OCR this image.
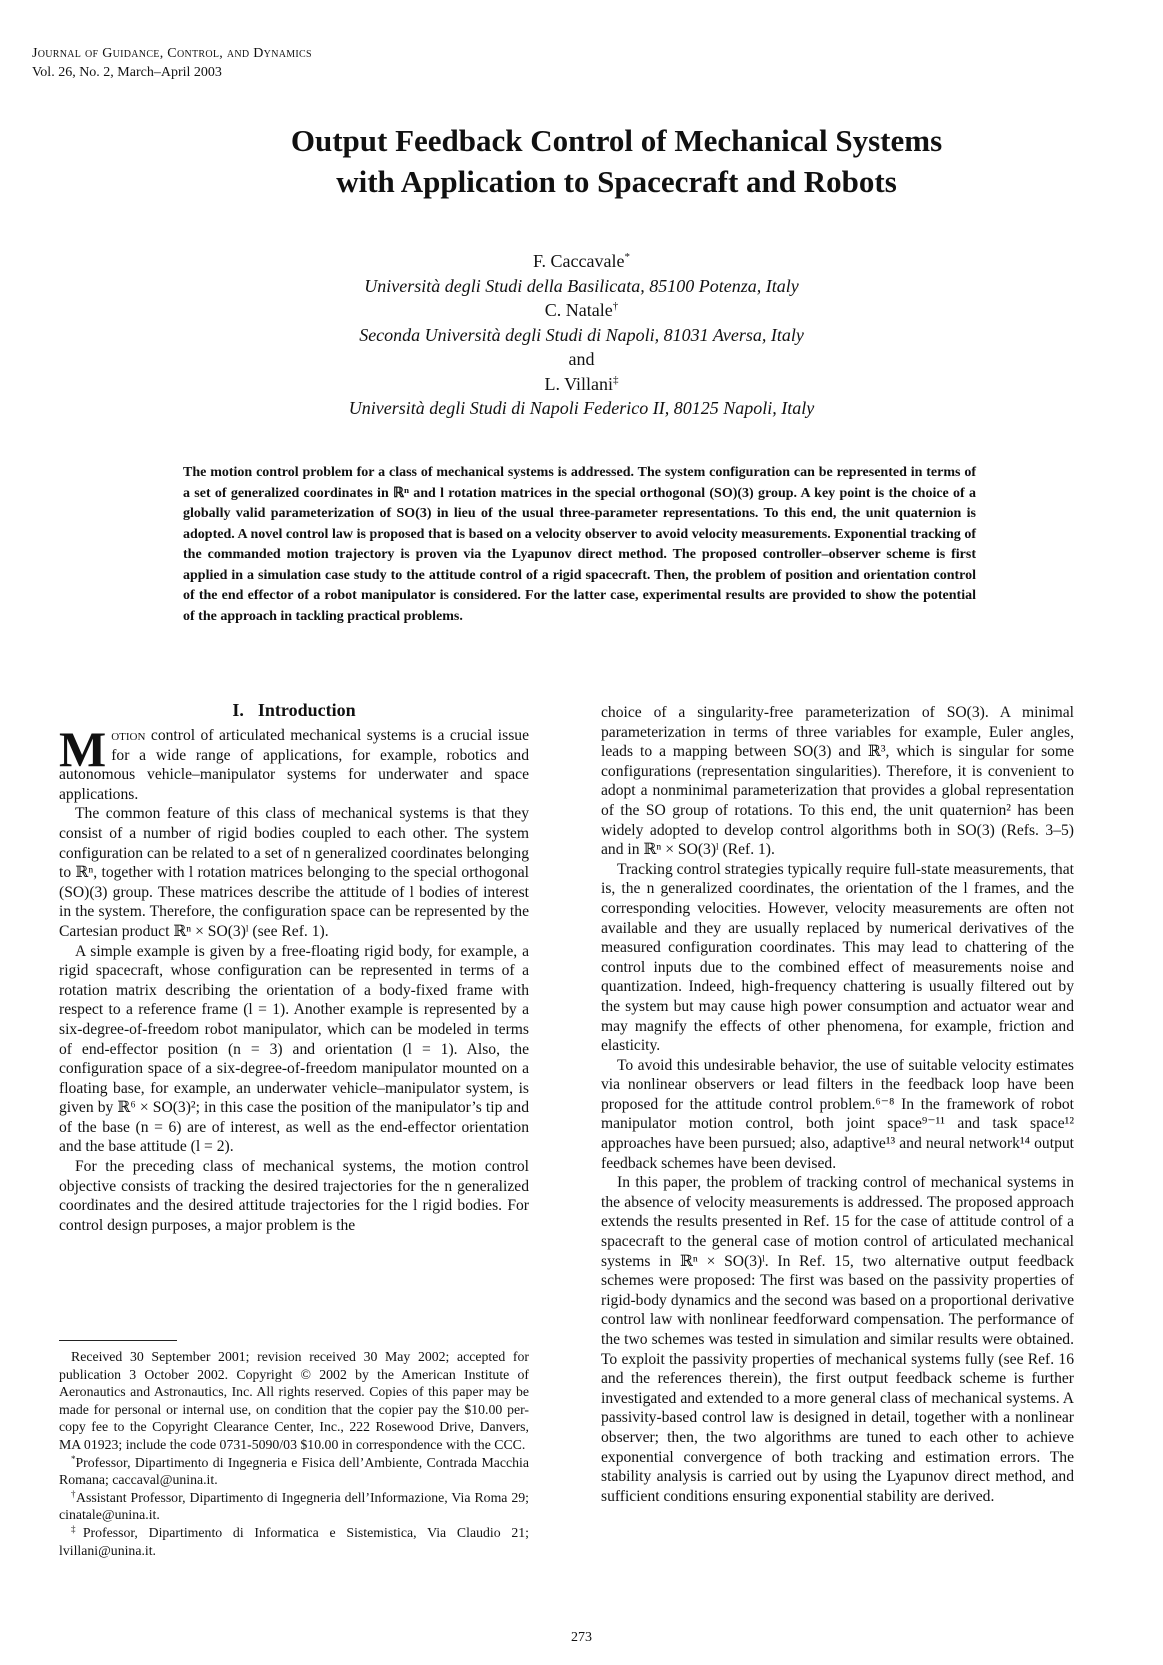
Journal of Guidance, Control, and Dynamics
Vol. 26, No. 2, March–April 2003
Output Feedback Control of Mechanical Systems
with Application to Spacecraft and Robots
F. Caccavale*
Università degli Studi della Basilicata, 85100 Potenza, Italy
C. Natale†
Seconda Università degli Studi di Napoli, 81031 Aversa, Italy
and
L. Villani‡
Università degli Studi di Napoli Federico II, 80125 Napoli, Italy
The motion control problem for a class of mechanical systems is addressed. The system configuration can be represented in terms of a set of generalized coordinates in ℝⁿ and l rotation matrices in the special orthogonal (SO)(3) group. A key point is the choice of a globally valid parameterization of SO(3) in lieu of the usual three-parameter representations. To this end, the unit quaternion is adopted. A novel control law is proposed that is based on a velocity observer to avoid velocity measurements. Exponential tracking of the commanded motion trajectory is proven via the Lyapunov direct method. The proposed controller–observer scheme is first applied in a simulation case study to the attitude control of a rigid spacecraft. Then, the problem of position and orientation control of the end effector of a robot manipulator is considered. For the latter case, experimental results are provided to show the potential of the approach in tackling practical problems.
I. Introduction

Motion control of articulated mechanical systems is a crucial issue for a wide range of applications, for example, robotics and autonomous vehicle–manipulator systems for underwater and space applications.

The common feature of this class of mechanical systems is that they consist of a number of rigid bodies coupled to each other. The system configuration can be related to a set of n generalized coordinates belonging to ℝⁿ, together with l rotation matrices belonging to the special orthogonal (SO)(3) group. These matrices describe the attitude of l bodies of interest in the system. Therefore, the configuration space can be represented by the Cartesian product ℝⁿ × SO(3)ˡ (see Ref. 1).

A simple example is given by a free-floating rigid body, for example, a rigid spacecraft, whose configuration can be represented in terms of a rotation matrix describing the orientation of a body-fixed frame with respect to a reference frame (l = 1). Another example is represented by a six-degree-of-freedom robot manipulator, which can be modeled in terms of end-effector position (n = 3) and orientation (l = 1). Also, the configuration space of a six-degree-of-freedom manipulator mounted on a floating base, for example, an underwater vehicle–manipulator system, is given by ℝ⁶ × SO(3)²; in this case the position of the manipulator’s tip and of the base (n = 6) are of interest, as well as the end-effector orientation and the base attitude (l = 2).

For the preceding class of mechanical systems, the motion control objective consists of tracking the desired trajectories for the n generalized coordinates and the desired attitude trajectories for the l rigid bodies. For control design purposes, a major problem is the

choice of a singularity-free parameterization of SO(3). A minimal parameterization in terms of three variables for example, Euler angles, leads to a mapping between SO(3) and ℝ³, which is singular for some configurations (representation singularities). Therefore, it is convenient to adopt a nonminimal parameterization that provides a global representation of the SO group of rotations. To this end, the unit quaternion² has been widely adopted to develop control algorithms both in SO(3) (Refs. 3–5) and in ℝⁿ × SO(3)ˡ (Ref. 1).

Tracking control strategies typically require full-state measurements, that is, the n generalized coordinates, the orientation of the l frames, and the corresponding velocities. However, velocity measurements are often not available and they are usually replaced by numerical derivatives of the measured configuration coordinates. This may lead to chattering of the control inputs due to the combined effect of measurements noise and quantization. Indeed, high-frequency chattering is usually filtered out by the system but may cause high power consumption and actuator wear and may magnify the effects of other phenomena, for example, friction and elasticity.

To avoid this undesirable behavior, the use of suitable velocity estimates via nonlinear observers or lead filters in the feedback loop have been proposed for the attitude control problem.⁶⁻⁸ In the framework of robot manipulator motion control, both joint space⁹⁻¹¹ and task space¹² approaches have been pursued; also, adaptive¹³ and neural network¹⁴ output feedback schemes have been devised.

In this paper, the problem of tracking control of mechanical systems in the absence of velocity measurements is addressed. The proposed approach extends the results presented in Ref. 15 for the case of attitude control of a spacecraft to the general case of motion control of articulated mechanical systems in ℝⁿ × SO(3)ˡ. In Ref. 15, two alternative output feedback schemes were proposed: The first was based on the passivity properties of rigid-body dynamics and the second was based on a proportional derivative control law with nonlinear feedforward compensation. The performance of the two schemes was tested in simulation and similar results were obtained. To exploit the passivity properties of mechanical systems fully (see Ref. 16 and the references therein), the first output feedback scheme is further investigated and extended to a more general class of mechanical systems. A passivity-based control law is designed in detail, together with a nonlinear observer; then, the two algorithms are tuned to each other to achieve exponential convergence of both tracking and estimation errors. The stability analysis is carried out by using the Lyapunov direct method, and sufficient conditions ensuring exponential stability are derived.

Received 30 September 2001; revision received 30 May 2002; accepted for publication 3 October 2002. Copyright © 2002 by the American Institute of Aeronautics and Astronautics, Inc. All rights reserved. Copies of this paper may be made for personal or internal use, on condition that the copier pay the $10.00 per-copy fee to the Copyright Clearance Center, Inc., 222 Rosewood Drive, Danvers, MA 01923; include the code 0731-5090/03 $10.00 in correspondence with the CCC.

*Professor, Dipartimento di Ingegneria e Fisica dell’Ambiente, Contrada Macchia Romana; caccaval@unina.it.

†Assistant Professor, Dipartimento di Ingegneria dell’Informazione, Via Roma 29; cinatale@unina.it.

‡Professor, Dipartimento di Informatica e Sistemistica, Via Claudio 21; lvillani@unina.it.

273
